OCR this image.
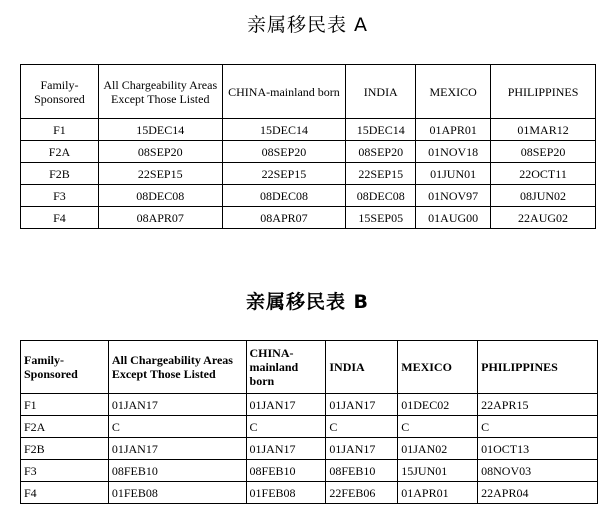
亲属移民表 A
Family-Sponsored	All Chargeability Areas Except Those Listed	CHINA-mainland born	INDIA	MEXICO	PHILIPPINES
F1	15DEC14	15DEC14	15DEC14	01APR01	01MAR12
F2A	08SEP20	08SEP20	08SEP20	01NOV18	08SEP20
F2B	22SEP15	22SEP15	22SEP15	01JUN01	22OCT11
F3	08DEC08	08DEC08	08DEC08	01NOV97	08JUN02
F4	08APR07	08APR07	15SEP05	01AUG00	22AUG02
亲属移民表 B
Family-Sponsored	All Chargeability Areas Except Those Listed	CHINA-mainland born	INDIA	MEXICO	PHILIPPINES
F1	01JAN17	01JAN17	01JAN17	01DEC02	22APR15
F2A	C	C	C	C	C
F2B	01JAN17	01JAN17	01JAN17	01JAN02	01OCT13
F3	08FEB10	08FEB10	08FEB10	15JUN01	08NOV03
F4	01FEB08	01FEB08	22FEB06	01APR01	22APR04
